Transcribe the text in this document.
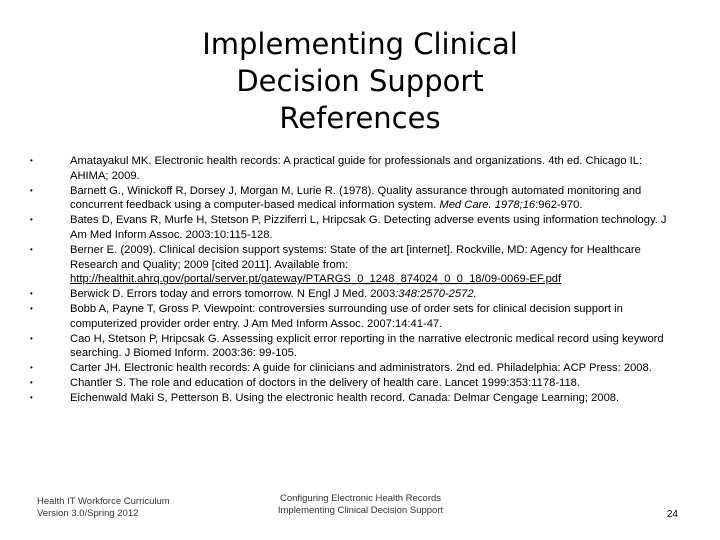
Implementing Clinical
Decision Support
References
•	Amatayakul MK. Electronic health records: A practical guide for professionals and organizations. 4th ed. Chicago IL: AHIMA; 2009.
•	Barnett G., Winickoff R, Dorsey J, Morgan M, Lurie R. (1978). Quality assurance through automated monitoring and concurrent feedback using a computer-based medical information system. Med Care. 1978;16:962-970.
•	Bates D, Evans R, Murfe H, Stetson P, Pizziferri L, Hripcsak G. Detecting adverse events using information technology. J Am Med Inform Assoc. 2003:10:115-128.
•	Berner E. (2009). Clinical decision support systems: State of the art [internet]. Rockville, MD: Agency for Healthcare Research and Quality; 2009 [cited 2011]. Available from: http://healthit.ahrq.gov/portal/server.pt/gateway/PTARGS_0_1248_874024_0_0_18/09-0069-EF.pdf
•	Berwick D. Errors today and errors tomorrow. N Engl J Med. 2003:348:2570-2572.
•	Bobb A, Payne T, Gross P. Viewpoint: controversies surrounding use of order sets for clinical decision support in computerized provider order entry. J Am Med Inform Assoc. 2007:14:41-47.
•	Cao H, Stetson P, Hripcsak G. Assessing explicit error reporting in the narrative electronic medical record using keyword searching. J Biomed Inform. 2003:36: 99-105.
•	Carter JH. Electronic health records: A guide for clinicians and administrators. 2nd ed. Philadelphia: ACP Press: 2008.
•	Chantler S. The role and education of doctors in the delivery of health care. Lancet 1999:353:1178-118.
•	Eichenwald Maki S, Petterson B. Using the electronic health record. Canada: Delmar Cengage Learning; 2008.
Health IT Workforce Curriculum
Version 3.0/Spring 2012
Configuring Electronic Health Records
Implementing Clinical Decision Support	24
